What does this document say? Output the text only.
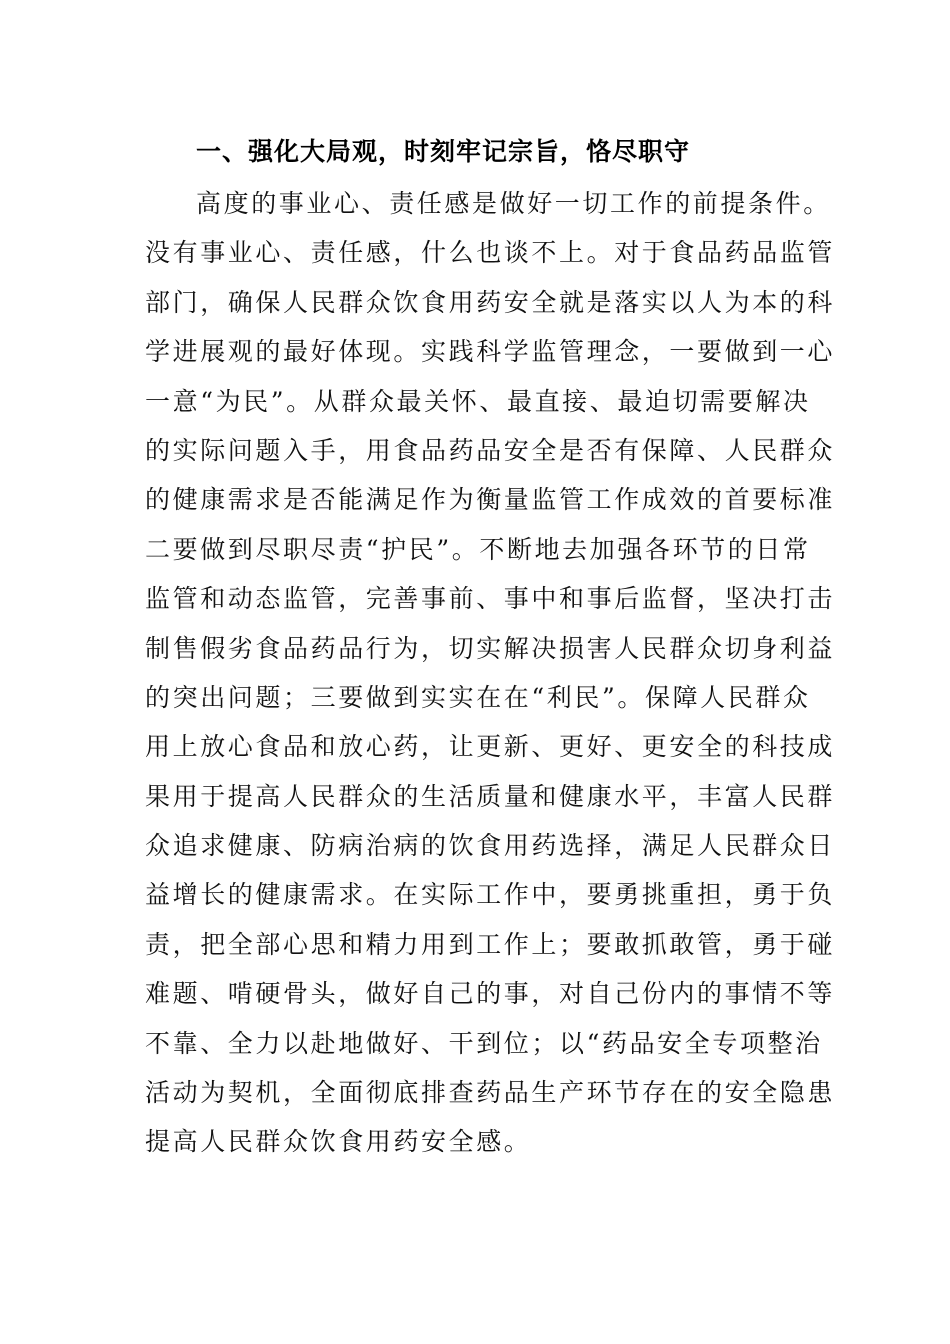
一、强化大局观，时刻牢记宗旨，恪尽职守
高度的事业心、责任感是做好一切工作的前提条件。
没有事业心、责任感，什么也谈不上。对于食品药品监管
部门，确保人民群众饮食用药安全就是落实以人为本的科
学进展观的最好体现。实践科学监管理念，一要做到一心
一意“为民”。从群众最关怀、最直接、最迫切需要解决
的实际问题入手，用食品药品安全是否有保障、人民群众
的健康需求是否能满足作为衡量监管工作成效的首要标准
二要做到尽职尽责“护民”。不断地去加强各环节的日常
监管和动态监管，完善事前、事中和事后监督，坚决打击
制售假劣食品药品行为，切实解决损害人民群众切身利益
的突出问题；三要做到实实在在“利民”。保障人民群众
用上放心食品和放心药，让更新、更好、更安全的科技成
果用于提高人民群众的生活质量和健康水平，丰富人民群
众追求健康、防病治病的饮食用药选择，满足人民群众日
益增长的健康需求。在实际工作中，要勇挑重担，勇于负
责，把全部心思和精力用到工作上；要敢抓敢管，勇于碰
难题、啃硬骨头，做好自己的事，对自己份内的事情不等
不靠、全力以赴地做好、干到位；以“药品安全专项整治
活动为契机，全面彻底排查药品生产环节存在的安全隐患
提高人民群众饮食用药安全感。
